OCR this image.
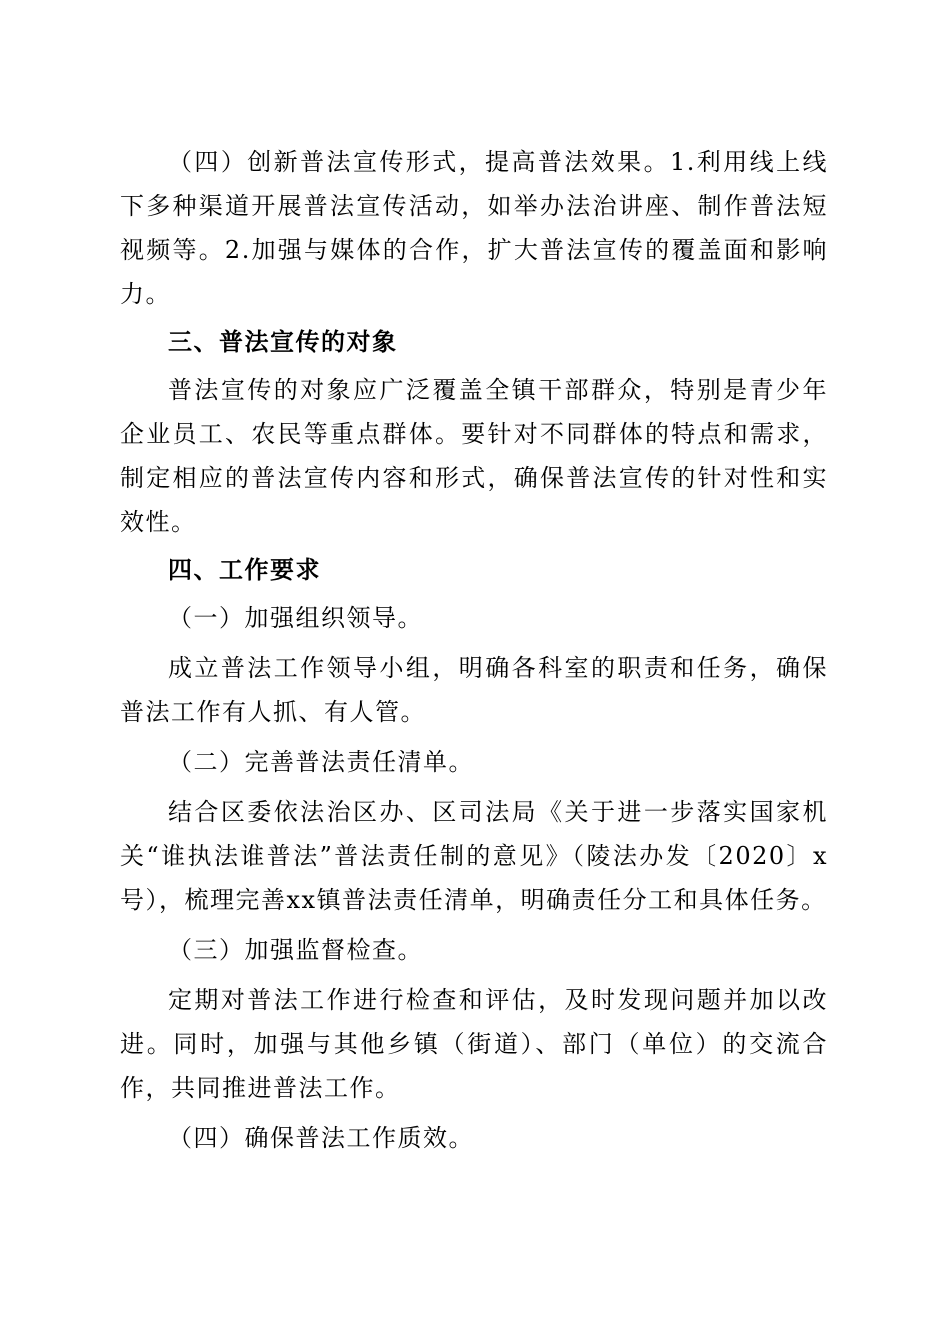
（四）创新普法宣传形式，提高普法效果。1.利用线上线下多种渠道开展普法宣传活动，如举办法治讲座、制作普法短视频等。2.加强与媒体的合作，扩大普法宣传的覆盖面和影响力。

三、普法宣传的对象

普法宣传的对象应广泛覆盖全镇干部群众，特别是青少年企业员工、农民等重点群体。要针对不同群体的特点和需求，制定相应的普法宣传内容和形式，确保普法宣传的针对性和实效性。

四、工作要求

（一）加强组织领导。

成立普法工作领导小组，明确各科室的职责和任务，确保普法工作有人抓、有人管。

（二）完善普法责任清单。

结合区委依法治区办、区司法局《关于进一步落实国家机关“谁执法谁普法”普法责任制的意见》（陵法办发〔2020〕x号），梳理完善xx镇普法责任清单，明确责任分工和具体任务。

（三）加强监督检查。

定期对普法工作进行检查和评估，及时发现问题并加以改进。同时，加强与其他乡镇（街道）、部门（单位）的交流合作，共同推进普法工作。

（四）确保普法工作质效。
